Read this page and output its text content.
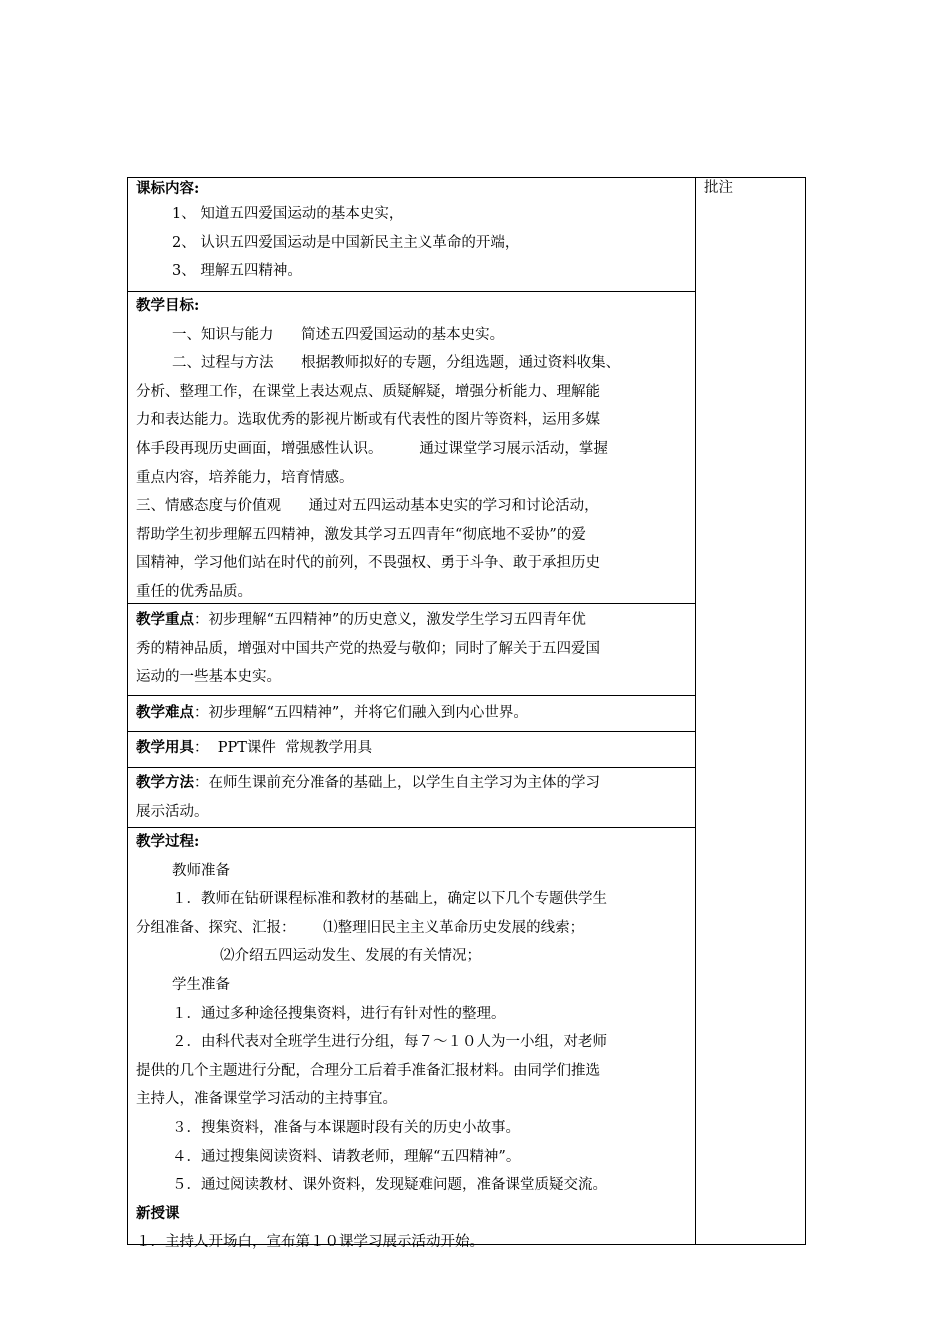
课标内容:

1、 知道五四爱国运动的基本史实，

2、 认识五四爱国运动是中国新民主主义革命的开端，

3、 理解五四精神。

教学目标:

一、知识与能力      简述五四爱国运动的基本史实。

二、过程与方法      根据教师拟好的专题，分组选题，通过资料收集、

分析、整理工作，在课堂上表达观点、质疑解疑，增强分析能力、理解能

力和表达能力。选取优秀的影视片断或有代表性的图片等资料，运用多媒

体手段再现历史画面，增强感性认识。        通过课堂学习展示活动，掌握

重点内容，培养能力，培育情感。

三、情感态度与价值观      通过对五四运动基本史实的学习和讨论活动，

帮助学生初步理解五四精神，激发其学习五四青年“彻底地不妥协”的爱

国精神，学习他们站在时代的前列，不畏强权、勇于斗争、敢于承担历史

重任的优秀品质。

教学重点：初步理解“五四精神”的历史意义，激发学生学习五四青年优

秀的精神品质，增强对中国共产党的热爱与敬仰；同时了解关于五四爱国

运动的一些基本史实。

教学难点：初步理解“五四精神”，并将它们融入到内心世界。

教学用具：  PPT课件  常规教学用具

教学方法：在师生课前充分准备的基础上，以学生自主学习为主体的学习

展示活动。

教学过程:

教师准备

１．教师在钻研课程标准和教材的基础上，确定以下几个专题供学生

分组准备、探究、汇报：      ⑴整理旧民主主义革命历史发展的线索；

⑵介绍五四运动发生、发展的有关情况；

学生准备

１．通过多种途径搜集资料，进行有针对性的整理。

２．由科代表对全班学生进行分组，每７～１０人为一小组，对老师

提供的几个主题进行分配，合理分工后着手准备汇报材料。由同学们推选

主持人，准备课堂学习活动的主持事宜。

３．搜集资料，准备与本课题时段有关的历史小故事。

４．通过搜集阅读资料、请教老师，理解“五四精神”。

５．通过阅读教材、课外资料，发现疑难问题，准备课堂质疑交流。

新授课

１．主持人开场白，宣布第１０课学习展示活动开始。

批注
